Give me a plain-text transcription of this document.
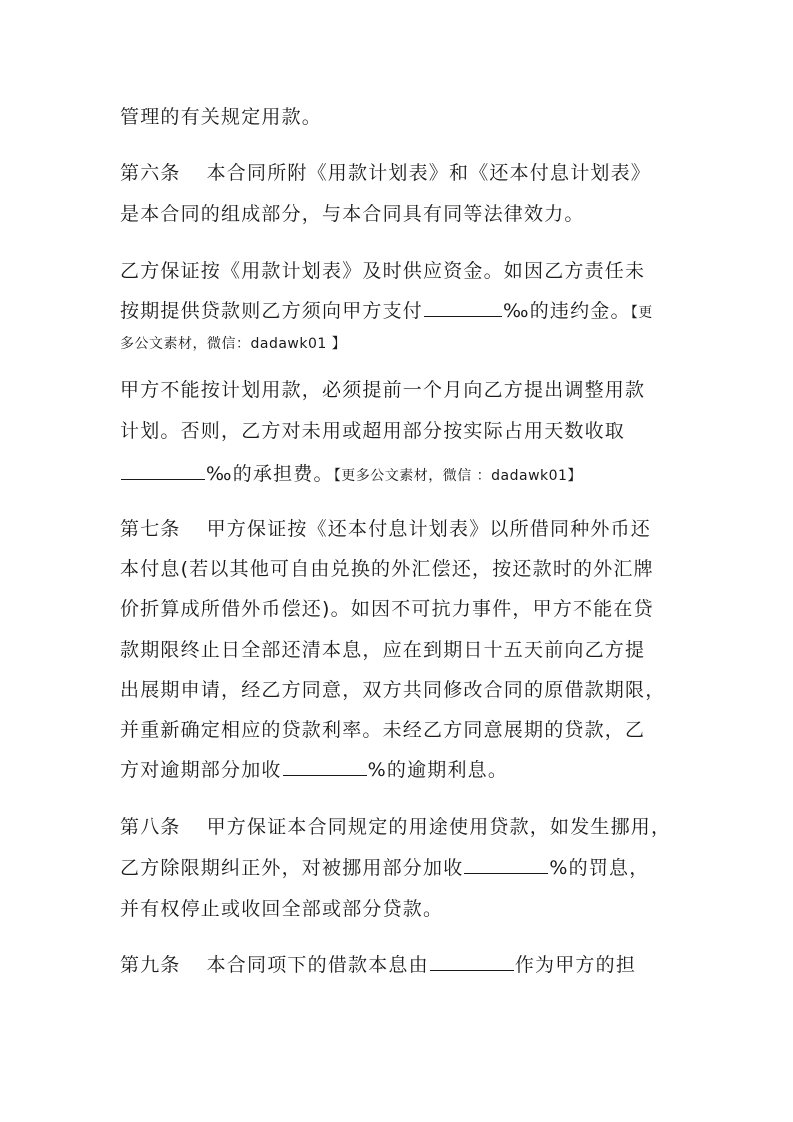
管理的有关规定用款。
第六条 本合同所附《用款计划表》和《还本付息计划表》
是本合同的组成部分，与本合同具有同等法律效力。
乙方保证按《用款计划表》及时供应资金。如因乙方责任未
按期提供贷款则乙方须向甲方支付	‰的违约金。【更
多公文素材，微信：dadawk01 】
甲方不能按计划用款，必须提前一个月向乙方提出调整用款
计划。否则，乙方对未用或超用部分按实际占用天数收取
‰的承担费。【更多公文素材，微信 ：dadawk01】
第七条 甲方保证按《还本付息计划表》以所借同种外币还
本付息(若以其他可自由兑换的外汇偿还，按还款时的外汇牌
价折算成所借外币偿还)。如因不可抗力事件，甲方不能在贷
款期限终止日全部还清本息，应在到期日十五天前向乙方提
出展期申请，经乙方同意，双方共同修改合同的原借款期限，
并重新确定相应的贷款利率。未经乙方同意展期的贷款，乙
方对逾期部分加收	%的逾期利息。
第八条 甲方保证本合同规定的用途使用贷款，如发生挪用，
乙方除限期纠正外，对被挪用部分加收	%的罚息，
并有权停止或收回全部或部分贷款。
第九条 本合同项下的借款本息由	作为甲方的担
